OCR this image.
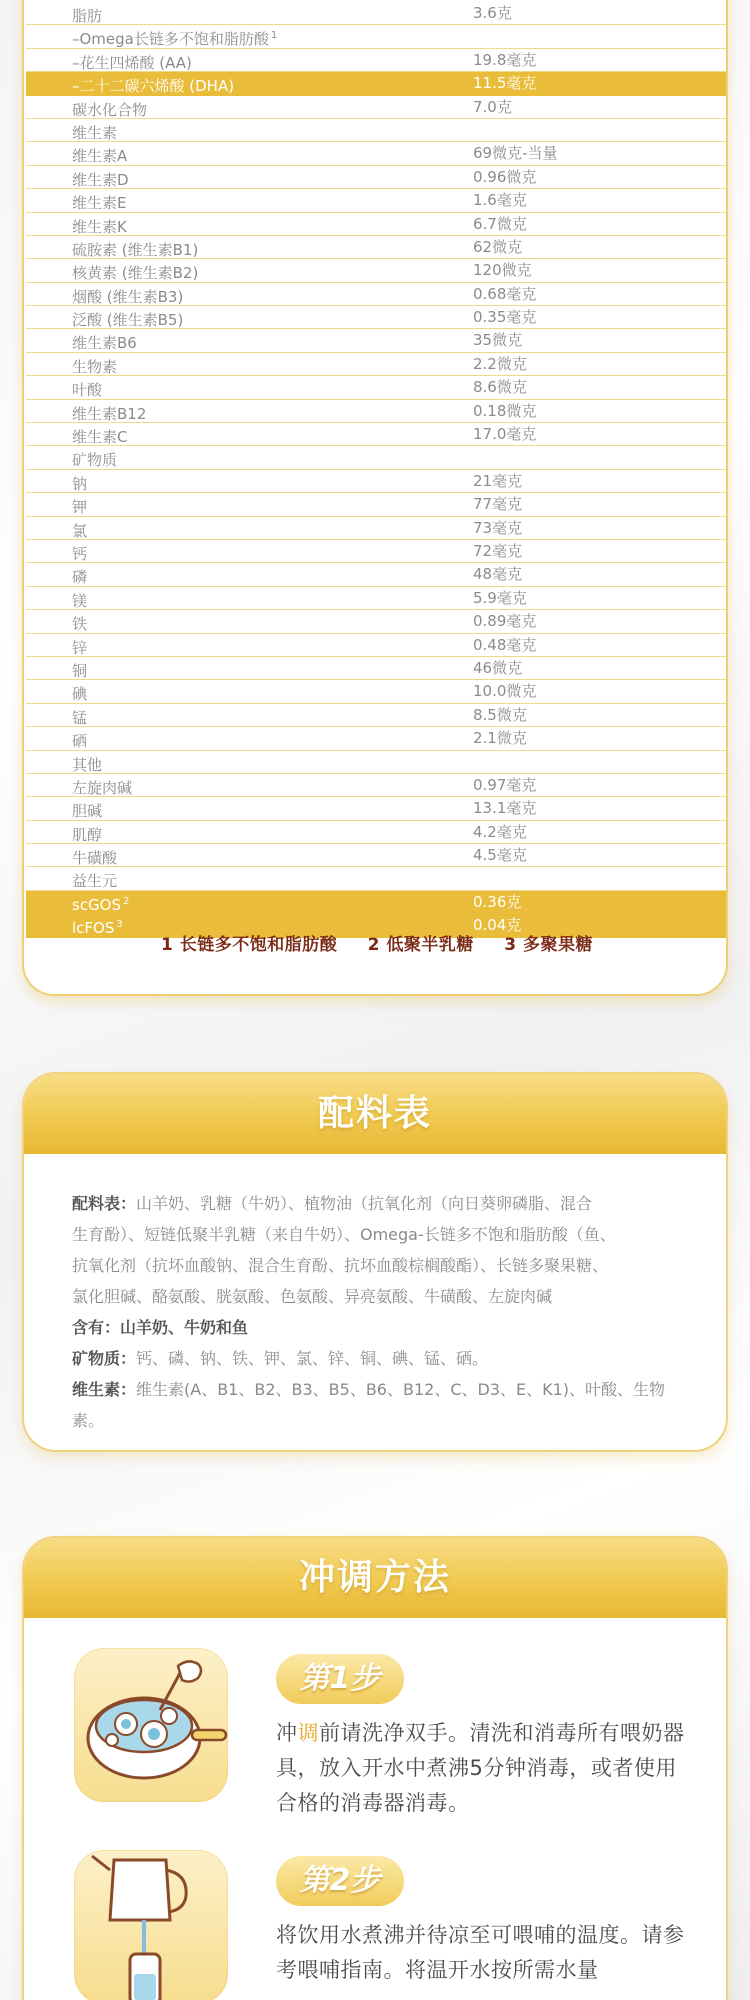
脂肪	3.6克
–Omega长链多不饱和脂肪酸 $^1$
–花生四烯酸 (AA)	19.8毫克
–二十二碳六烯酸 (DHA)	11.5毫克
碳水化合物	7.0克
维生素
维生素A	69微克-当量
维生素D	0.96微克
维生素E	1.6毫克
维生素K	6.7微克
硫胺素 (维生素B1)	62微克
核黄素 (维生素B2)	120微克
烟酸 (维生素B3)	0.68毫克
泛酸 (维生素B5)	0.35毫克
维生素B6	35微克
生物素	2.2微克
叶酸	8.6微克
维生素B12	0.18微克
维生素C	17.0毫克
矿物质
钠	21毫克
钾	77毫克
氯	73毫克
钙	72毫克
磷	48毫克
镁	5.9毫克
铁	0.89毫克
锌	0.48毫克
铜	46微克
碘	10.0微克
锰	8.5微克
硒	2.1微克
其他
左旋肉碱	0.97毫克
胆碱	13.1毫克
肌醇	4.2毫克
牛磺酸	4.5毫克
益生元
scGOS $^2$	0.36克
lcFOS $^3$	0.04克
1 长链多不饱和脂肪酸 2 低聚半乳糖 3 多聚果糖
配料表
配料表：山羊奶、乳糖（牛奶）、植物油（抗氧化剂（向日葵卵磷脂、混合
生育酚）、短链低聚半乳糖（来自牛奶）、Omega-长链多不饱和脂肪酸（鱼、
抗氧化剂（抗坏血酸钠、混合生育酚、抗坏血酸棕榈酸酯）、长链多聚果糖、
氯化胆碱、酪氨酸、胱氨酸、色氨酸、异亮氨酸、牛磺酸、左旋肉碱
含有：山羊奶、牛奶和鱼
矿物质：钙、磷、钠、铁、钾、氯、锌、铜、碘、锰、硒。
维生素：维生素(A、B1、B2、B3、B5、B6、B12、C、D3、E、K1)、叶酸、生物素。
冲调方法
第1步
冲调前请洗净双手。清洗和消毒所有喂奶器具，放入开水中煮沸5分钟消毒，或者使用合格的消毒器消毒。
第2步
将饮用水煮沸并待凉至可喂哺的温度。请参考喂哺指南。将温开水按所需水量
